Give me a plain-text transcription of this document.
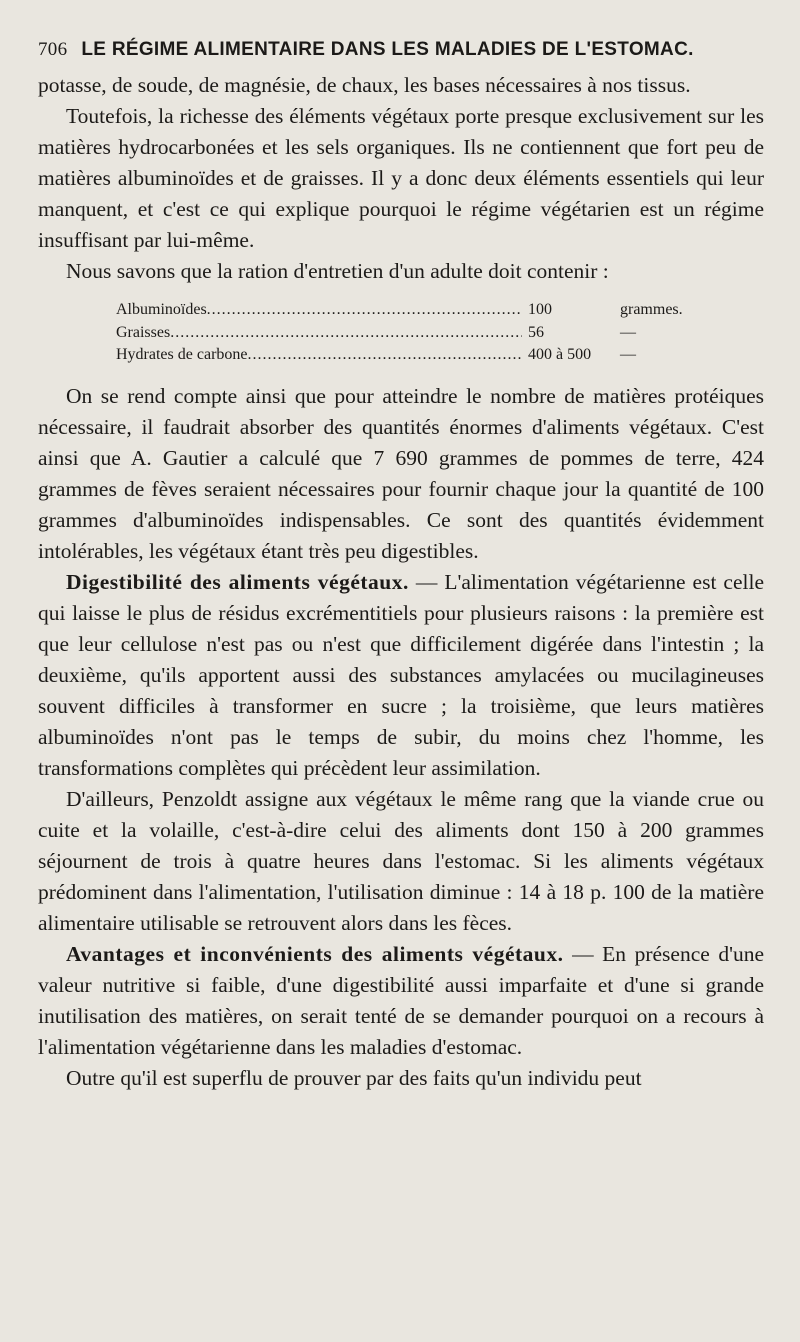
706 LE RÉGIME ALIMENTAIRE DANS LES MALADIES DE L'ESTOMAC.

potasse, de soude, de magnésie, de chaux, les bases nécessaires à nos tissus.

Toutefois, la richesse des éléments végétaux porte presque exclusivement sur les matières hydrocarbonées et les sels organiques. Ils ne contiennent que fort peu de matières albuminoïdes et de graisses. Il y a donc deux éléments essentiels qui leur manquent, et c'est ce qui explique pourquoi le régime végétarien est un régime insuffisant par lui-même.

Nous savons que la ration d'entretien d'un adulte doit contenir :

Albuminoïdes .....	100	grammes.
Graisses .....	56	—
Hydrates de carbone .....	400 à 500	—

On se rend compte ainsi que pour atteindre le nombre de matières protéiques nécessaire, il faudrait absorber des quantités énormes d'aliments végétaux. C'est ainsi que A. Gautier a calculé que 7 690 grammes de pommes de terre, 424 grammes de fèves seraient nécessaires pour fournir chaque jour la quantité de 100 grammes d'albuminoïdes indispensables. Ce sont des quantités évidemment intolérables, les végétaux étant très peu digestibles.

Digestibilité des aliments végétaux. — L'alimentation végétarienne est celle qui laisse le plus de résidus excrémentitiels pour plusieurs raisons : la première est que leur cellulose n'est pas ou n'est que difficilement digérée dans l'intestin ; la deuxième, qu'ils apportent aussi des substances amylacées ou mucilagineuses souvent difficiles à transformer en sucre ; la troisième, que leurs matières albuminoïdes n'ont pas le temps de subir, du moins chez l'homme, les transformations complètes qui précèdent leur assimilation.

D'ailleurs, Penzoldt assigne aux végétaux le même rang que la viande crue ou cuite et la volaille, c'est-à-dire celui des aliments dont 150 à 200 grammes séjournent de trois à quatre heures dans l'estomac. Si les aliments végétaux prédominent dans l'alimentation, l'utilisation diminue : 14 à 18 p. 100 de la matière alimentaire utilisable se retrouvent alors dans les fèces.

Avantages et inconvénients des aliments végétaux. — En présence d'une valeur nutritive si faible, d'une digestibilité aussi imparfaite et d'une si grande inutilisation des matières, on serait tenté de se demander pourquoi on a recours à l'alimentation végétarienne dans les maladies d'estomac.

Outre qu'il est superflu de prouver par des faits qu'un individu peut
